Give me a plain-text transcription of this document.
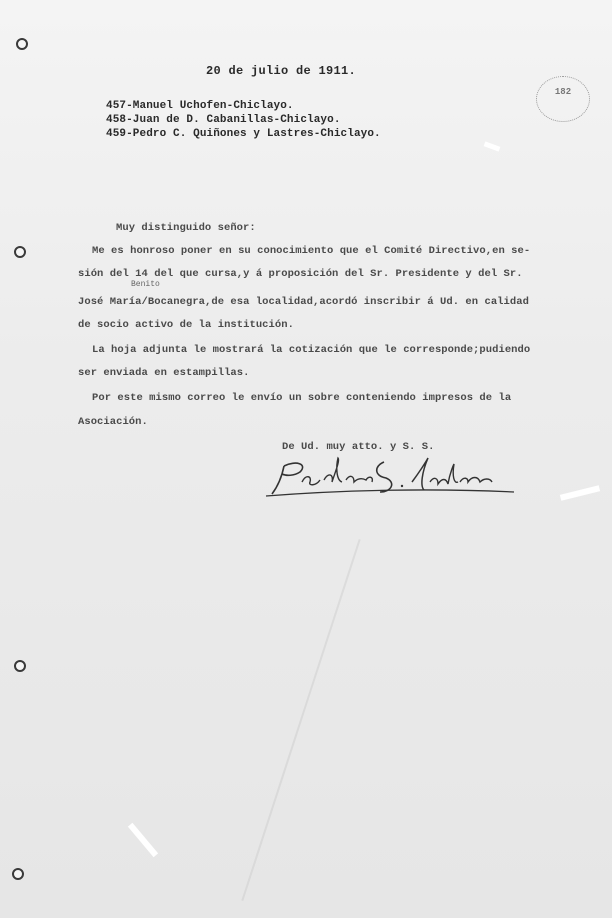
20 de julio de 1911.
457-Manuel Uchofen-Chiclayo.
458-Juan de D. Cabanillas-Chiclayo.
459-Pedro C. Quiñones y Lastres-Chiclayo.
182
Muy distinguido señor:
Me es honroso poner en su conocimiento que el Comité Directivo,en se-
sión del 14 del que cursa,y á proposición del Sr. Presidente y del Sr.
Benito
José María/Bocanegra,de esa localidad,acordó inscribir á Ud. en calidad
de socio activo de la institución.
La hoja adjunta le mostrará la cotización que le corresponde;pudiendo
ser enviada en estampillas.
Por este mismo correo le envío un sobre conteniendo impresos de la
Asociación.
De Ud. muy atto. y S. S.
